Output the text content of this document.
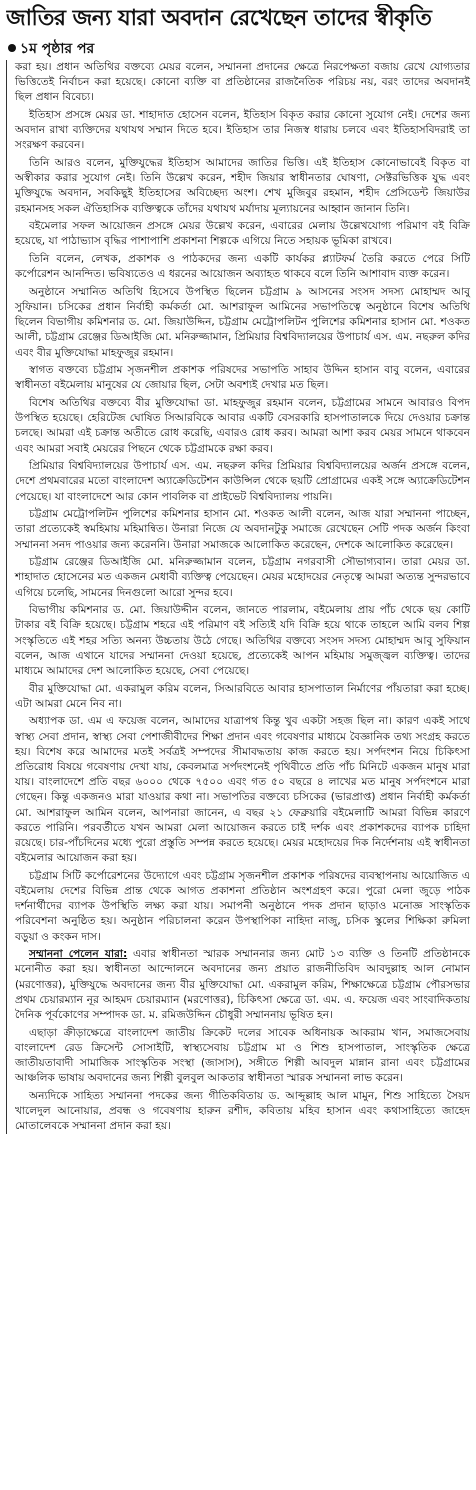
জাতির জন্য যারা অবদান রেখেছেন তাদের স্বীকৃতি
১ম পৃষ্ঠার পর

করা হয়। প্রধান অতিথির বক্তব্যে মেয়র বলেন, সম্মাননা প্রদানের ক্ষেত্রে নিরপেক্ষতা বজায় রেখে যোগ্যতার ভিত্তিতেই নির্বাচন করা হয়েছে। কোনো ব্যক্তি বা প্রতিষ্ঠানের রাজনৈতিক পরিচয় নয়, বরং তাদের অবদানই ছিল প্রধান বিবেচ্য।

ইতিহাস প্রসঙ্গে মেয়র ডা. শাহাদাত হোসেন বলেন, ইতিহাস বিকৃত করার কোনো সুযোগ নেই। দেশের জন্য অবদান রাখা ব্যক্তিদের যথাযথ সম্মান দিতে হবে। ইতিহাস তার নিজস্ব ধারায় চলবে এবং ইতিহাসবিদরাই তা সংরক্ষণ করবেন।

তিনি আরও বলেন, মুক্তিযুদ্ধের ইতিহাস আমাদের জাতির ভিত্তি। এই ইতিহাস কোনোভাবেই বিকৃত বা অস্বীকার করার সুযোগ নেই। তিনি উল্লেখ করেন, শহীদ জিয়ার স্বাধীনতার ঘোষণা, সেক্টরভিত্তিক যুদ্ধ এবং মুক্তিযুদ্ধে অবদান, সবকিছুই ইতিহাসের অবিচ্ছেদ্য অংশ। শেখ মুজিবুর রহমান, শহীদ প্রেসিডেন্ট জিয়াউর রহমানসহ সকল ঐতিহাসিক ব্যক্তিত্বকে তাঁদের যথাযথ মর্যাদায় মূল্যায়নের আহ্বান জানান তিনি।

বইমেলার সফল আয়োজন প্রসঙ্গে মেয়র উল্লেখ করেন, এবারের মেলায় উল্লেখযোগ্য পরিমাণ বই বিক্রি হয়েছে, যা পাঠাভ্যাস বৃদ্ধির পাশাপাশি প্রকাশনা শিল্পকে এগিয়ে নিতে সহায়ক ভূমিকা রাখবে।

তিনি বলেন, লেখক, প্রকাশক ও পাঠকদের জন্য একটি কার্যকর প্ল্যাটফর্ম তৈরি করতে পেরে সিটি কর্পোরেশন আনন্দিত। ভবিষ্যতেও এ ধরনের আয়োজন অব্যাহত থাকবে বলে তিনি আশাবাদ ব্যক্ত করেন।

অনুষ্ঠানে সম্মানিত অতিথি হিসেবে উপস্থিত ছিলেন চট্টগ্রাম ৯ আসনের সংসদ সদস্য মোহাম্মদ আবু সুফিয়ান। চসিকের প্রধান নির্বাহী কর্মকর্তা মো. আশরাফুল আমিনের সভাপতিত্বে অনুষ্ঠানে বিশেষ অতিথি ছিলেন বিভাগীয় কমিশনার ড. মো. জিয়াউদ্দিন, চট্টগ্রাম মেট্রোপলিটন পুলিশের কমিশনার হাসান মো. শওকত আলী, চট্টগ্রাম রেঞ্জের ডিআইজি মো. মনিরুজ্জামান, প্রিমিয়ার বিশ্ববিদ্যালয়ের উপাচার্য এস. এম. নছরুল কদির এবং বীর মুক্তিযোদ্ধা মাহফুজুর রহমান।

স্বাগত বক্তব্যে চট্টগ্রাম সৃজনশীল প্রকাশক পরিষদের সভাপতি সাহাব উদ্দিন হাসান বাবু বলেন, এবারের স্বাধীনতা বইমেলায় মানুষের যে জোয়ার ছিল, সেটা অবশ্যই দেখার মত ছিল।

বিশেষ অতিথির বক্তব্যে বীর মুক্তিযোদ্ধা ডা. মাহফুজুর রহমান বলেন, চট্টগ্রামের সামনে আবারও বিপদ উপস্থিত হয়েছে। হেরিটেজ ঘোষিত সিআরবিকে আবার একটি বেসরকারি হাসপাতালকে দিয়ে দেওয়ার চক্রান্ত চলছে। আমরা এই চক্রান্ত অতীতে রোধ করেছি, এবারও রোধ করব। আমরা আশা করব মেয়র সামনে থাকবেন এবং আমরা সবাই মেয়রের পিছনে থেকে চট্টগ্রামকে রক্ষা করব।

প্রিমিয়ার বিশ্ববিদ্যালয়ের উপাচার্য এস. এম. নছরুল কদির প্রিমিয়ার বিশ্ববিদ্যালয়ের অর্জন প্রসঙ্গে বলেন, দেশে প্রথমবারের মতো বাংলাদেশ অ্যাক্রেডিটেশন কাউন্সিল থেকে ছয়টি প্রোগ্রামের একই সঙ্গে অ্যাক্রেডিটেশন পেয়েছে। যা বাংলাদেশে আর কোন পাবলিক বা প্রাইভেট বিশ্ববিদ্যালয় পায়নি।

চট্টগ্রাম মেট্রোপলিটন পুলিশের কমিশনার হাসান মো. শওকত আলী বলেন, আজ যারা সম্মাননা পাচ্ছেন, তারা প্রত্যেকেই স্বমহিমায় মহিমান্বিত। উনারা নিজে যে অবদানটুকু সমাজে রেখেছেন সেটি পদক অর্জন কিংবা সম্মাননা সনদ পাওয়ার জন্য করেননি। উনারা সমাজকে আলোকিত করেছেন, দেশকে আলোকিত করেছেন।

চট্টগ্রাম রেঞ্জের ডিআইজি মো. মনিরুজ্জামান বলেন, চট্টগ্রাম নগরবাসী সৌভাগ্যবান। তারা মেয়র ডা. শাহাদাত হোসেনের মত একজন মেধাবী ব্যক্তিত্ব পেয়েছেন। মেয়র মহোদয়ের নেতৃত্বে আমরা অত্যন্ত সুন্দরভাবে এগিয়ে চলেছি, সামনের দিনগুলো আরো সুন্দর হবে।

বিভাগীয় কমিশনার ড. মো. জিয়াউদ্দীন বলেন, জানতে পারলাম, বইমেলায় প্রায় পাঁচ থেকে ছয় কোটি টাকার বই বিক্রি হয়েছে। চট্টগ্রাম শহরে এই পরিমাণ বই সত্যিই যদি বিক্রি হয়ে থাকে তাহলে আমি বলব শিল্প সংস্কৃতিতে এই শহর সত্যি অনন্য উচ্চতায় উঠে গেছে। অতিথির বক্তব্যে সংসদ সদস্য মোহাম্মদ আবু সুফিয়ান বলেন, আজ এখানে যাদের সম্মাননা দেওয়া হয়েছে, প্রত্যেকেই আপন মহিমায় সমুজ্জ্বল ব্যক্তিত্ব। তাদের মাধ্যমে আমাদের দেশ আলোকিত হয়েছে, সেবা পেয়েছে।

বীর মুক্তিযোদ্ধা মো. একরামুল করিম বলেন, সিআরবিতে আবার হাসপাতাল নির্মাণের পাঁয়তারা করা হচ্ছে। এটা আমরা মেনে নিব না।

অধ্যাপক ডা. এম এ ফয়েজ বলেন, আমাদের যাত্রাপথ কিন্তু খুব একটা সহজ ছিল না। কারণ একই সাথে স্বাস্থ্য সেবা প্রদান, স্বাস্থ্য সেবা পেশাজীবীদের শিক্ষা প্রদান এবং গবেষণার মাধ্যমে বৈজ্ঞানিক তথ্য সংগ্রহ করতে হয়। বিশেষ করে আমাদের মতই সর্বত্রই সম্পদের সীমাবদ্ধতায় কাজ করতে হয়। সর্পদংশন নিয়ে চিকিৎসা প্রতিরোধ বিষয়ে গবেষণায় দেখা যায়, কেবলমাত্র সর্পদংশনেই পৃথিবীতে প্রতি পাঁচ মিনিটে একজন মানুষ মারা যায়। বাংলাদেশে প্রতি বছর ৬০০০ থেকে ৭৫০০ এবং গত ৫০ বছরে ৪ লাখের মত মানুষ সর্পদংশনে মারা গেছেন। কিন্তু একজনও মারা যাওয়ার কথা না। সভাপতির বক্তব্যে চসিকের (ভারপ্রাপ্ত) প্রধান নির্বাহী কর্মকর্তা মো. আশরাফুল আমিন বলেন, আপনারা জানেন, এ বছর ২১ ফেব্রুয়ারি বইমেলাটি আমরা বিভিন্ন কারণে করতে পারিনি। পরবর্তীতে যখন আমরা মেলা আয়োজন করতে চাই দর্শক এবং প্রকাশকদের ব্যাপক চাহিদা রয়েছে। চার-পাঁচদিনের মধ্যে পুরো প্রস্তুতি সম্পন্ন করতে হয়েছে। মেয়র মহোদয়ের দিক নির্দেশনায় এই স্বাধীনতা বইমেলার আয়োজন করা হয়।

চট্টগ্রাম সিটি কর্পোরেশনের উদ্যোগে এবং চট্টগ্রাম সৃজনশীল প্রকাশক পরিষদের ব্যবস্থাপনায় আয়োজিত এ বইমেলায় দেশের বিভিন্ন প্রান্ত থেকে আগত প্রকাশনা প্রতিষ্ঠান অংশগ্রহণ করে। পুরো মেলা জুড়ে পাঠক দর্শনার্থীদের ব্যাপক উপস্থিতি লক্ষ্য করা যায়। সমাপনী অনুষ্ঠানে পদক প্রদান ছাড়াও মনোজ্ঞ সাংস্কৃতিক পরিবেশনা অনুষ্ঠিত হয়। অনুষ্ঠান পরিচালনা করেন উপস্থাপিকা নাহিদা নাজু, চসিক স্কুলের শিক্ষিকা রুমিলা বড়ুয়া ও কংকন দাস।

সম্মাননা পেলেন যারা: এবার স্বাধীনতা স্মারক সম্মাননার জন্য মোট ১৩ ব্যক্তি ও তিনটি প্রতিষ্ঠানকে মনোনীত করা হয়। স্বাধীনতা আন্দোলনে অবদানের জন্য প্রয়াত রাজনীতিবিদ আবদুল্লাহ আল নোমান (মরণোত্তর), মুক্তিযুদ্ধে অবদানের জন্য বীর মুক্তিযোদ্ধা মো. একরামুল করিম, শিক্ষাক্ষেত্রে চট্টগ্রাম পৌরসভার প্রথম চেয়ারম্যান নূর আহমদ চেয়ারম্যান (মরণোত্তর), চিকিৎসা ক্ষেত্রে ডা. এম. এ. ফয়েজ এবং সাংবাদিকতায় দৈনিক পূর্বকোণের সম্পাদক ডা. ম. রমিজউদ্দিন চৌধুরী সম্মাননায় ভূষিত হন।

এছাড়া ক্রীড়াক্ষেত্রে বাংলাদেশ জাতীয় ক্রিকেট দলের সাবেক অধিনায়ক আকরাম খান, সমাজসেবায় বাংলাদেশ রেড ক্রিসেন্ট সোসাইটি, স্বাস্থ্যসেবায় চট্টগ্রাম মা ও শিশু হাসপাতাল, সাংস্কৃতিক ক্ষেত্রে জাতীয়তাবাদী সামাজিক সাংস্কৃতিক সংস্থা (জাসাস), সঙ্গীতে শিল্পী আবদুল মান্নান রানা এবং চট্টগ্রামের আঞ্চলিক ভাষায় অবদানের জন্য শিল্পী বুলবুল আকতার স্বাধীনতা স্মারক সম্মাননা লাভ করেন।

অন্যদিকে সাহিত্য সম্মাননা পদকের জন্য গীতিকবিতায় ড. আব্দুল্লাহ আল মামুন, শিশু সাহিত্যে সৈয়দ খালেদুল আনোয়ার, প্রবন্ধ ও গবেষণায় হারুন রশীদ, কবিতায় মহিব হাসান এবং কথাসাহিত্যে জাহেদ মোতালেবকে সম্মাননা প্রদান করা হয়।
